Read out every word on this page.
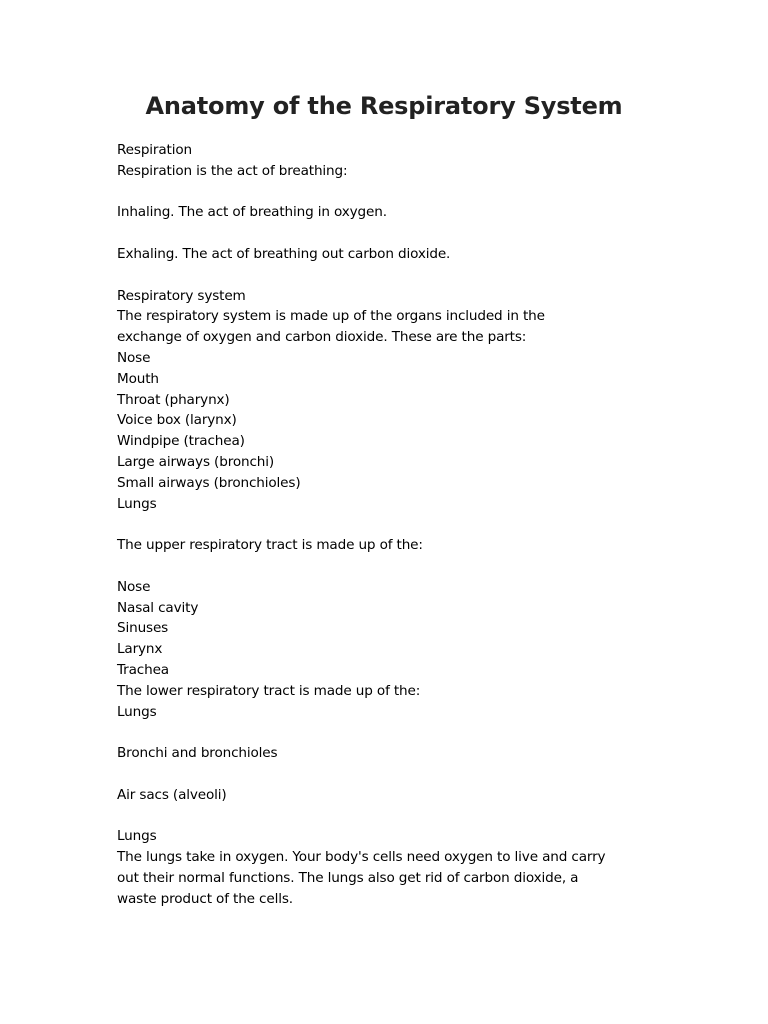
Anatomy of the Respiratory System
Respiration
Respiration is the act of breathing:
Inhaling. The act of breathing in oxygen.
Exhaling. The act of breathing out carbon dioxide.
Respiratory system
The respiratory system is made up of the organs included in the
exchange of oxygen and carbon dioxide. These are the parts:
Nose
Mouth
Throat (pharynx)
Voice box (larynx)
Windpipe (trachea)
Large airways (bronchi)
Small airways (bronchioles)
Lungs
The upper respiratory tract is made up of the:
Nose
Nasal cavity
Sinuses
Larynx
Trachea
The lower respiratory tract is made up of the:
Lungs
Bronchi and bronchioles
Air sacs (alveoli)
Lungs
The lungs take in oxygen. Your body's cells need oxygen to live and carry
out their normal functions. The lungs also get rid of carbon dioxide, a
waste product of the cells.
